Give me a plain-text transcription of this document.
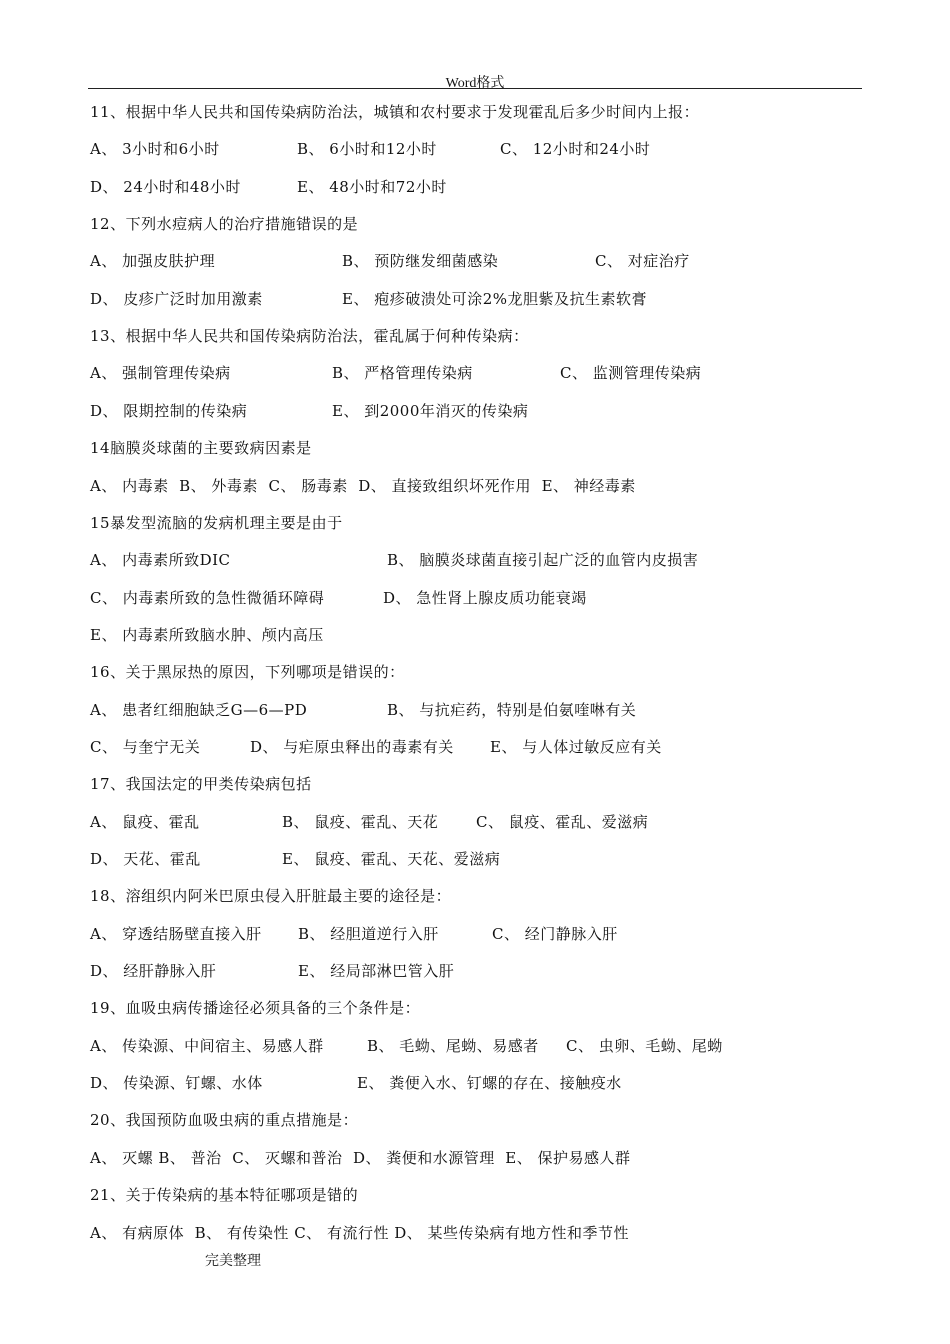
Word格式
11、根据中华人民共和国传染病防治法，城镇和农村要求于发现霍乱后多少时间内上报：
A、 3小时和6小时	B、 6小时和12小时	C、 12小时和24小时
D、 24小时和48小时	E、 48小时和72小时
12、下列水痘病人的治疗措施错误的是
A、 加强皮肤护理	B、 预防继发细菌感染	C、 对症治疗
D、 皮疹广泛时加用激素	E、 疱疹破溃处可涂2%龙胆紫及抗生素软膏
13、根据中华人民共和国传染病防治法，霍乱属于何种传染病：
A、 强制管理传染病	B、 严格管理传染病	C、 监测管理传染病
D、 限期控制的传染病	E、 到2000年消灭的传染病
14脑膜炎球菌的主要致病因素是
A、 内毒素  B、 外毒素  C、 肠毒素  D、 直接致组织坏死作用  E、 神经毒素
15暴发型流脑的发病机理主要是由于
A、 内毒素所致DIC	B、 脑膜炎球菌直接引起广泛的血管内皮损害
C、 内毒素所致的急性微循环障碍	D、 急性肾上腺皮质功能衰竭
E、 内毒素所致脑水肿、颅内高压
16、关于黑尿热的原因，下列哪项是错误的：
A、 患者红细胞缺乏G—6—PD	B、 与抗疟药，特别是伯氨喹啉有关
C、 与奎宁无关	D、 与疟原虫释出的毒素有关 E、 与人体过敏反应有关
17、我国法定的甲类传染病包括
A、 鼠疫、霍乱	B、 鼠疫、霍乱、天花	C、 鼠疫、霍乱、爱滋病
D、 天花、霍乱	E、 鼠疫、霍乱、天花、爱滋病
18、溶组织内阿米巴原虫侵入肝脏最主要的途径是：
A、 穿透结肠壁直接入肝 B、 经胆道逆行入肝	C、 经门静脉入肝
D、 经肝静脉入肝	E、 经局部淋巴管入肝
19、血吸虫病传播途径必须具备的三个条件是：
A、 传染源、中间宿主、易感人群	B、 毛蚴、尾蚴、易感者 C、 虫卵、毛蚴、尾蚴
D、 传染源、钉螺、水体	E、 粪便入水、钉螺的存在、接触疫水
20、我国预防血吸虫病的重点措施是：
A、 灭螺 B、 普治  C、 灭螺和普治  D、 粪便和水源管理  E、 保护易感人群
21、关于传染病的基本特征哪项是错的
A、 有病原体  B、 有传染性 C、 有流行性 D、 某些传染病有地方性和季节性
完美整理
